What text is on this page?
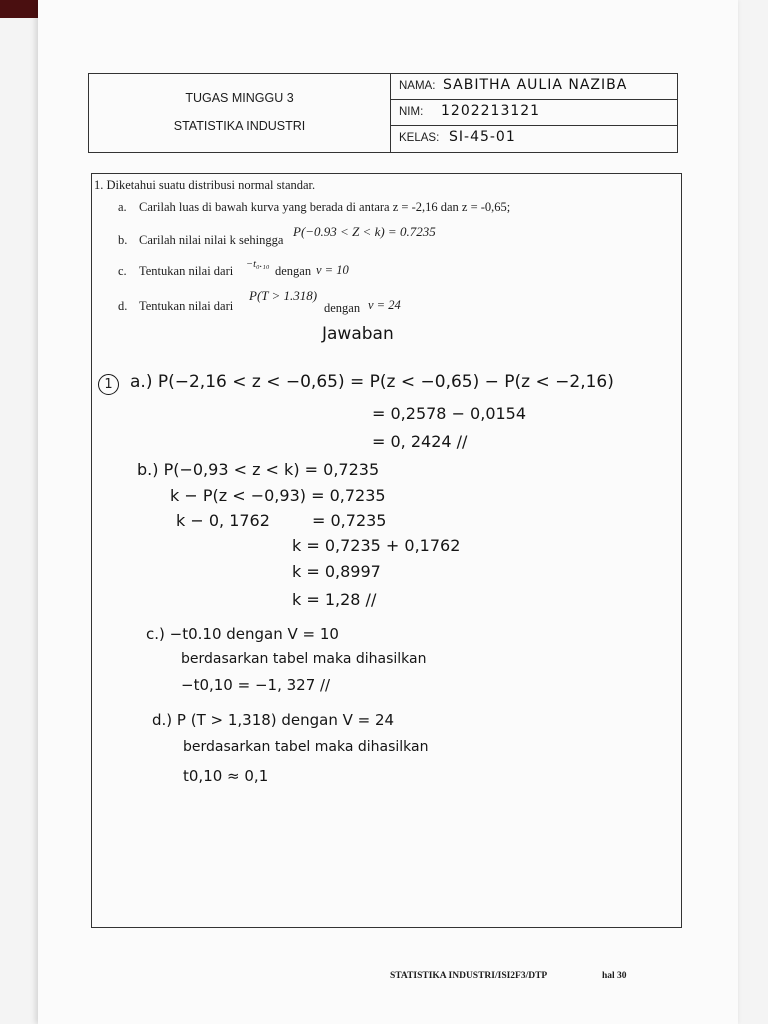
TUGAS MINGGU 3
STATISTIKA INDUSTRI
NAMA: SABITHA AULIA NAZIBA
NIM: 1202213121
KELAS: SI-45-01
1. Diketahui suatu distribusi normal standar.
a. Carilah luas di bawah kurva yang berada di antara z = -2,16 dan z = -0,65;
b. Carilah nilai nilai k sehingga
P(−0.93 < Z < k) = 0.7235
c. Tentukan nilai dari −t₀.₁₀ dengan v = 10
d. Tentukan nilai dari
P(T > 1.318)
dengan v = 24
Jawaban
1	a.) P(−2,16 < z < −0,65) = P(z < −0,65) − P(z < −2,16)
= 0,2578 − 0,0154
= 0, 2424 //
b.) P(−0,93 < z < k) = 0,7235
k − P(z < −0,93) = 0,7235
k − 0, 1762	= 0,7235
k = 0,7235 + 0,1762
k = 0,8997
k = 1,28 //
c.) −t0.10 dengan V = 10
berdasarkan tabel maka dihasilkan
−t0,10 = −1, 327 //
d.) P (T > 1,318) dengan V = 24
berdasarkan tabel maka dihasilkan
t0,10 ≈ 0,1
STATISTIKA INDUSTRI/ISI2F3/DTP	hal 30
